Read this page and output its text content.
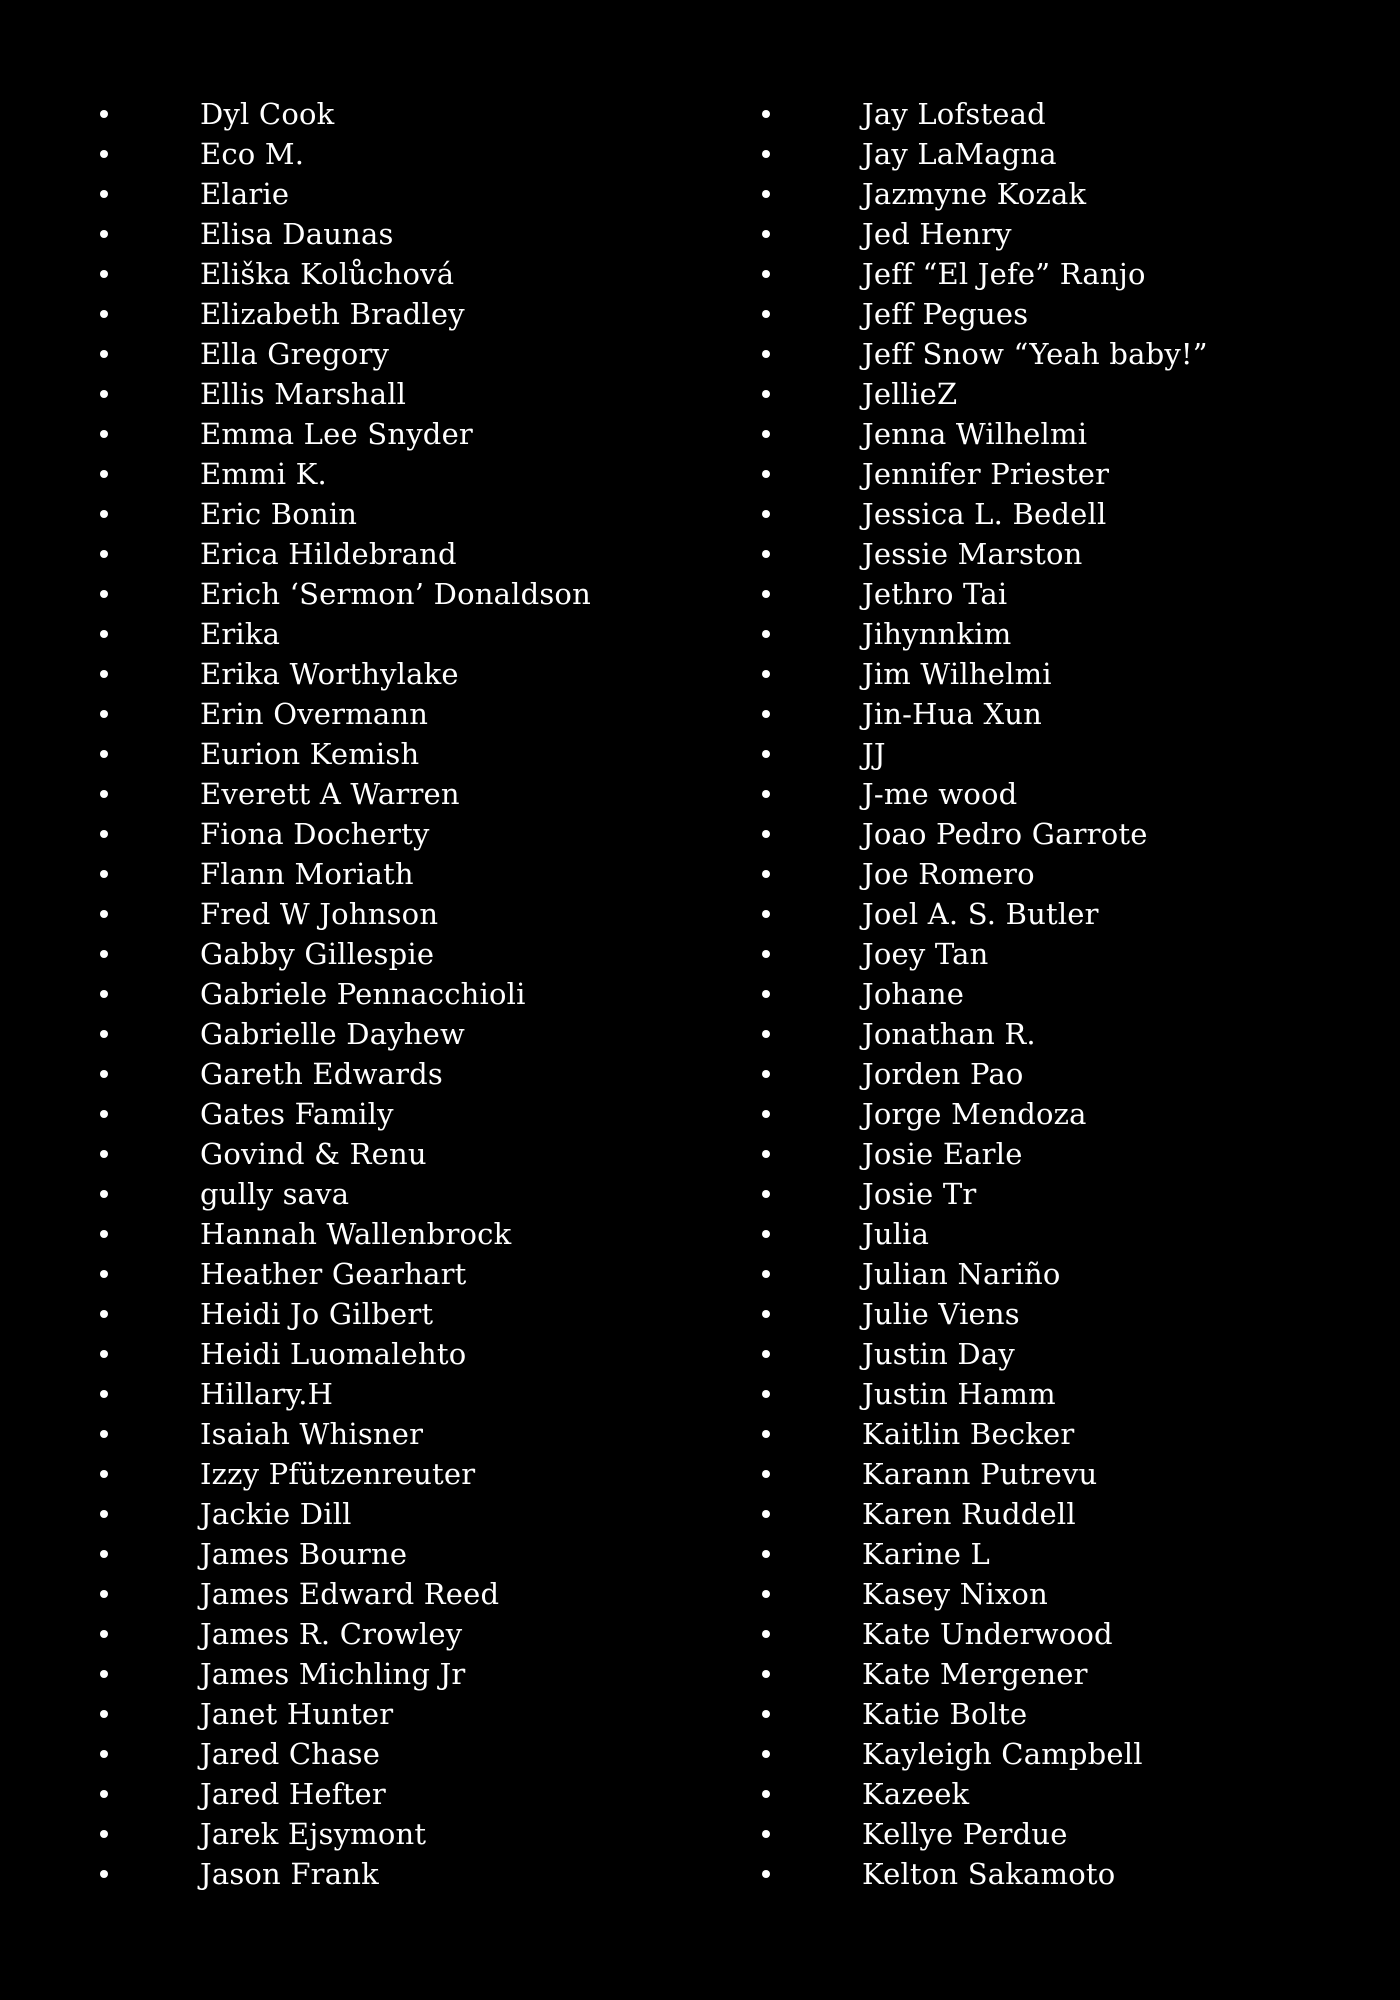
Dyl Cook
Eco M.
Elarie
Elisa Daunas
Eliška Kolůchová
Elizabeth Bradley
Ella Gregory
Ellis Marshall
Emma Lee Snyder
Emmi K.
Eric Bonin
Erica Hildebrand
Erich ‘Sermon’ Donaldson
Erika
Erika Worthylake
Erin Overmann
Eurion Kemish
Everett A Warren
Fiona Docherty
Flann Moriath
Fred W Johnson
Gabby Gillespie
Gabriele Pennacchioli
Gabrielle Dayhew
Gareth Edwards
Gates Family
Govind & Renu
gully sava
Hannah Wallenbrock
Heather Gearhart
Heidi Jo Gilbert
Heidi Luomalehto
Hillary.H
Isaiah Whisner
Izzy Pfützenreuter
Jackie Dill
James Bourne
James Edward Reed
James R. Crowley
James Michling Jr
Janet Hunter
Jared Chase
Jared Hefter
Jarek Ejsymont
Jason Frank
Jay Lofstead
Jay LaMagna
Jazmyne Kozak
Jed Henry
Jeff “El Jefe” Ranjo
Jeff Pegues
Jeff Snow “Yeah baby!”
JellieZ
Jenna Wilhelmi
Jennifer Priester
Jessica L. Bedell
Jessie Marston
Jethro Tai
Jihynnkim
Jim Wilhelmi
Jin-Hua Xun
JJ
J-me wood
Joao Pedro Garrote
Joe Romero
Joel A. S. Butler
Joey Tan
Johane
Jonathan R.
Jorden Pao
Jorge Mendoza
Josie Earle
Josie Tr
Julia
Julian Nariño
Julie Viens
Justin Day
Justin Hamm
Kaitlin Becker
Karann Putrevu
Karen Ruddell
Karine L
Kasey Nixon
Kate Underwood
Kate Mergener
Katie Bolte
Kayleigh Campbell
Kazeek
Kellye Perdue
Kelton Sakamoto
